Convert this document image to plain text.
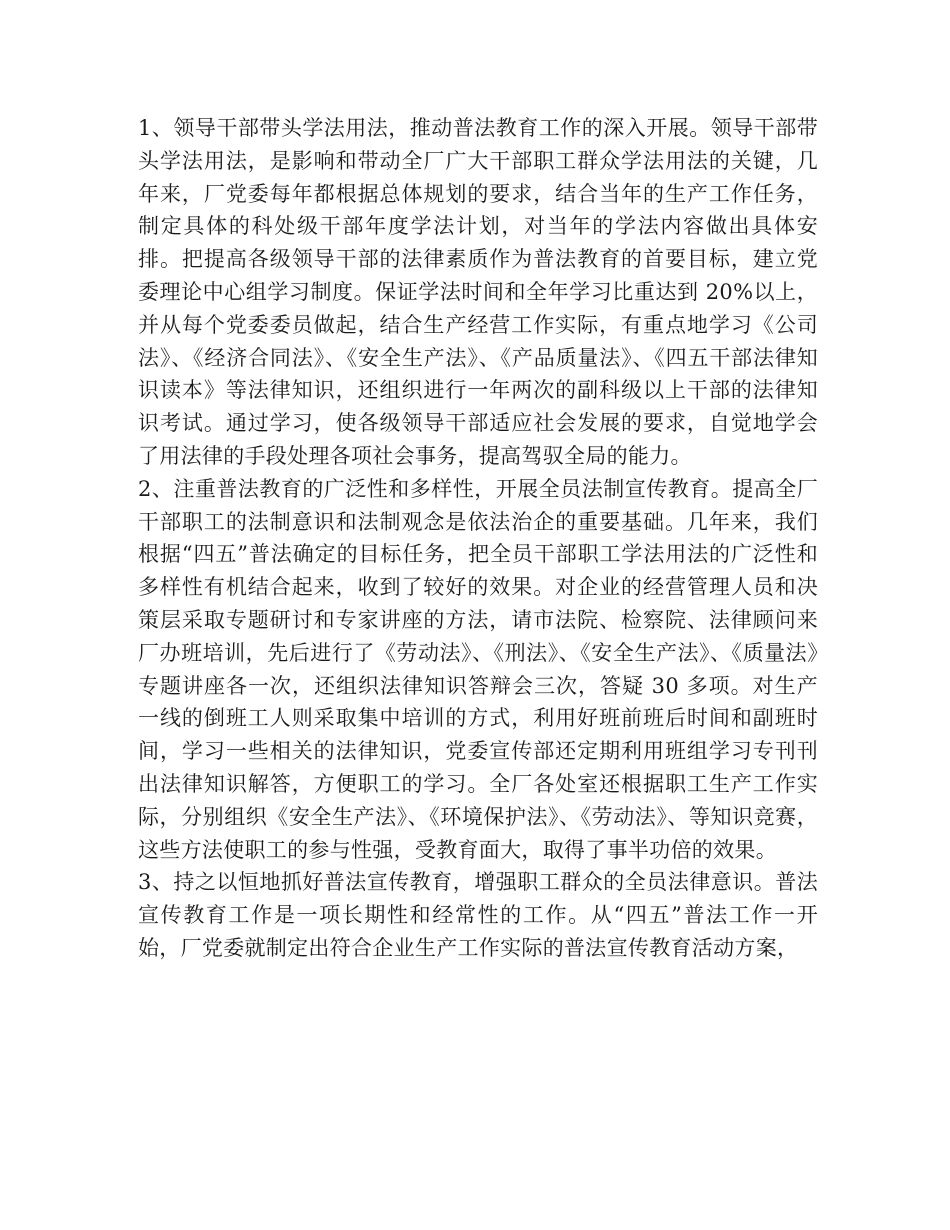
1、领导干部带头学法用法，推动普法教育工作的深入开展。领导干部带头学法用法，是影响和带动全厂广大干部职工群众学法用法的关键，几年来，厂党委每年都根据总体规划的要求，结合当年的生产工作任务，制定具体的科处级干部年度学法计划，对当年的学法内容做出具体安排。把提高各级领导干部的法律素质作为普法教育的首要目标，建立党委理论中心组学习制度。保证学法时间和全年学习比重达到 20%以上，并从每个党委委员做起，结合生产经营工作实际，有重点地学习《公司法》、《经济合同法》、《安全生产法》、《产品质量法》、《四五干部法律知识读本》等法律知识，还组织进行一年两次的副科级以上干部的法律知识考试。通过学习，使各级领导干部适应社会发展的要求，自觉地学会了用法律的手段处理各项社会事务，提高驾驭全局的能力。

2、注重普法教育的广泛性和多样性，开展全员法制宣传教育。提高全厂干部职工的法制意识和法制观念是依法治企的重要基础。几年来，我们根据“四五”普法确定的目标任务，把全员干部职工学法用法的广泛性和多样性有机结合起来，收到了较好的效果。对企业的经营管理人员和决策层采取专题研讨和专家讲座的方法，请市法院、检察院、法律顾问来厂办班培训，先后进行了《劳动法》、《刑法》、《安全生产法》、《质量法》专题讲座各一次，还组织法律知识答辩会三次，答疑 30 多项。对生产一线的倒班工人则采取集中培训的方式，利用好班前班后时间和副班时间，学习一些相关的法律知识，党委宣传部还定期利用班组学习专刊刊出法律知识解答，方便职工的学习。全厂各处室还根据职工生产工作实际，分别组织《安全生产法》、《环境保护法》、《劳动法》、等知识竞赛，这些方法使职工的参与性强，受教育面大，取得了事半功倍的效果。

3、持之以恒地抓好普法宣传教育，增强职工群众的全员法律意识。普法宣传教育工作是一项长期性和经常性的工作。从“四五”普法工作一开始，厂党委就制定出符合企业生产工作实际的普法宣传教育活动方案，
